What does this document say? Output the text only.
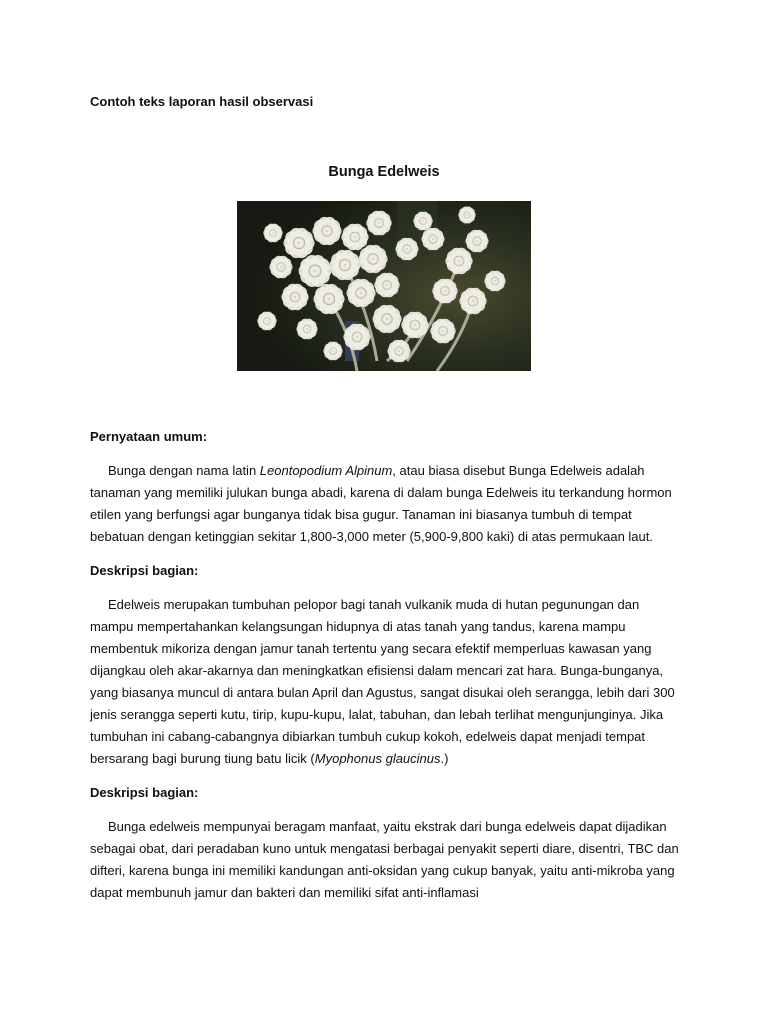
Contoh teks laporan hasil observasi

Bunga Edelweis

Pernyataan umum:

Bunga dengan nama latin Leontopodium Alpinum, atau biasa disebut Bunga Edelweis adalah tanaman yang memiliki julukan bunga abadi, karena di dalam bunga Edelweis itu terkandung hormon etilen yang berfungsi agar bunganya tidak bisa gugur. Tanaman ini biasanya tumbuh di tempat bebatuan dengan ketinggian sekitar 1,800-3,000 meter (5,900-9,800 kaki) di atas permukaan laut.

Deskripsi bagian:

Edelweis merupakan tumbuhan pelopor bagi tanah vulkanik muda di hutan pegunungan dan mampu mempertahankan kelangsungan hidupnya di atas tanah yang tandus, karena mampu membentuk mikoriza dengan jamur tanah tertentu yang secara efektif memperluas kawasan yang dijangkau oleh akar-akarnya dan meningkatkan efisiensi dalam mencari zat hara. Bunga-bunganya, yang biasanya muncul di antara bulan April dan Agustus, sangat disukai oleh serangga, lebih dari 300 jenis serangga seperti kutu, tirip, kupu-kupu, lalat, tabuhan, dan lebah terlihat mengunjunginya. Jika tumbuhan ini cabang-cabangnya dibiarkan tumbuh cukup kokoh, edelweis dapat menjadi tempat bersarang bagi burung tiung batu licik (Myophonus glaucinus.)

Deskripsi bagian:

Bunga edelweis mempunyai beragam manfaat, yaitu ekstrak dari bunga edelweis dapat dijadikan sebagai obat, dari peradaban kuno untuk mengatasi berbagai penyakit seperti diare, disentri, TBC dan difteri, karena bunga ini memiliki kandungan anti-oksidan yang cukup banyak, yaitu anti-mikroba yang dapat membunuh jamur dan bakteri dan memiliki sifat anti-inflamasi
